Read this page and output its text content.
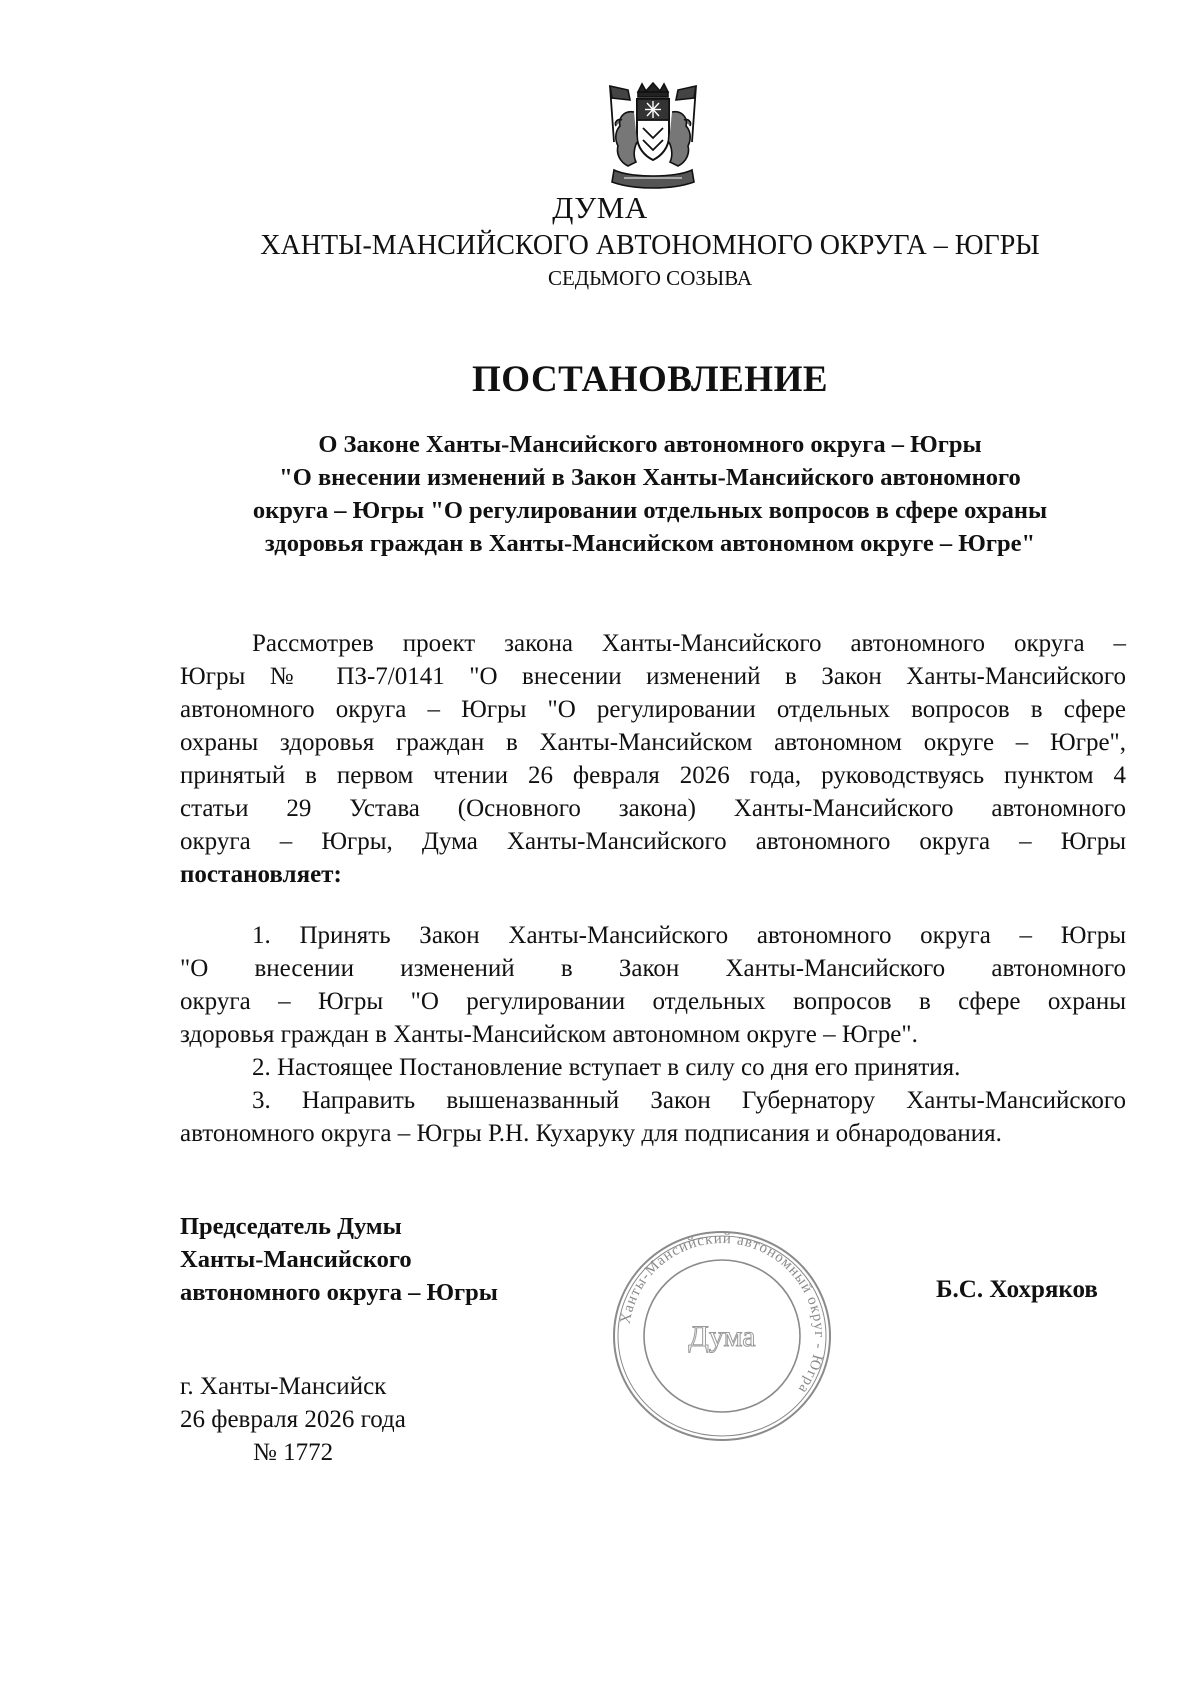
ДУМА
ХАНТЫ-МАНСИЙСКОГО АВТОНОМНОГО ОКРУГА – ЮГРЫ
СЕДЬМОГО СОЗЫВА
ПОСТАНОВЛЕНИЕ
О Законе Ханты-Мансийского автономного округа – Югры
"О внесении изменений в Закон Ханты-Мансийского автономного
округа – Югры "О регулировании отдельных вопросов в сфере охраны
здоровья граждан в Ханты-Мансийском автономном округе – Югре"
Рассмотрев проект закона Ханты-Мансийского автономного округа –
Югры № ПЗ-7/0141 "О внесении изменений в Закон Ханты-Мансийского
автономного округа – Югры "О регулировании отдельных вопросов в сфере
охраны здоровья граждан в Ханты-Мансийском автономном округе – Югре",
принятый в первом чтении 26 февраля 2026 года, руководствуясь пунктом 4
статьи 29 Устава (Основного закона) Ханты-Мансийского автономного
округа – Югры, Дума Ханты-Мансийского автономного округа – Югры
постановляет:
1. Принять Закон Ханты-Мансийского автономного округа – Югры
"О внесении изменений в Закон Ханты-Мансийского автономного
округа – Югры "О регулировании отдельных вопросов в сфере охраны
здоровья граждан в Ханты-Мансийском автономном округе – Югре".
2. Настоящее Постановление вступает в силу со дня его принятия.
3. Направить вышеназванный Закон Губернатору Ханты-Мансийского
автономного округа – Югры Р.Н. Кухаруку для подписания и обнародования.
Председатель Думы
Ханты-Мансийского
автономного округа – Югры
Ханты-Мансийский автономный округ - Югра
Дума
Б.С. Хохряков
г. Ханты-Мансийск
26 февраля 2026 года
№ 1772
